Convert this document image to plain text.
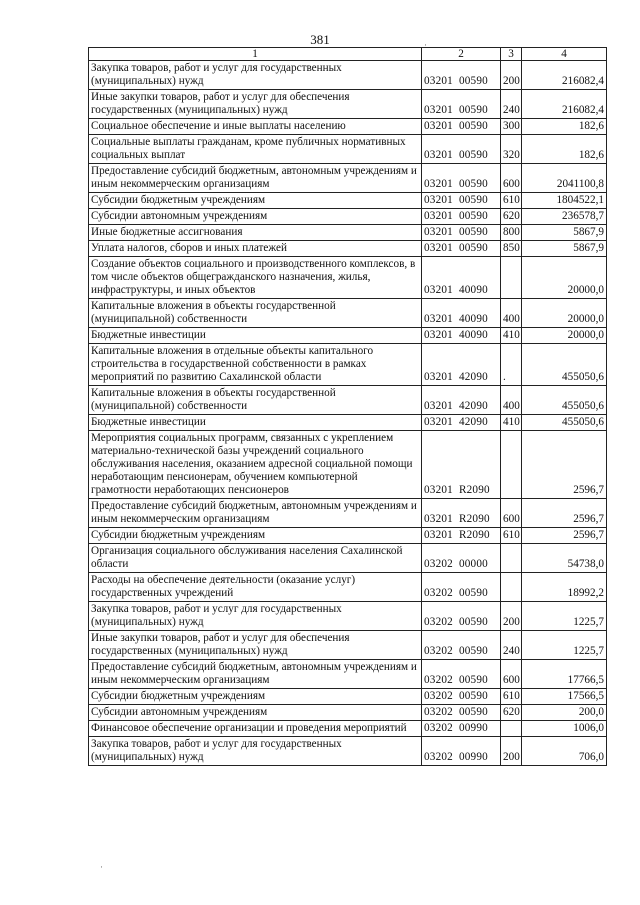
381
1	2	3	4
Закупка товаров, работ и услуг для государственных (муниципальных) нужд	03201  00590	200	216082,4
Иные закупки товаров, работ и услуг для обеспечения государственных (муниципальных) нужд	03201  00590	240	216082,4
Социальное обеспечение и иные выплаты населению	03201  00590	300	182,6
Социальные выплаты гражданам, кроме публичных нормативных социальных выплат	03201  00590	320	182,6
Предоставление субсидий бюджетным, автономным учреждениям и иным некоммерческим организациям	03201  00590	600	2041100,8
Субсидии бюджетным учреждениям	03201  00590	610	1804522,1
Субсидии автономным учреждениям	03201  00590	620	236578,7
Иные бюджетные ассигнования	03201  00590	800	5867,9
Уплата налогов, сборов и иных платежей	03201  00590	850	5867,9
Создание объектов социального и производственного комплексов, в том числе объектов общегражданского назначения, жилья, инфраструктуры, и иных объектов	03201  40090		20000,0
Капитальные вложения в объекты государственной (муниципальной) собственности	03201  40090	400	20000,0
Бюджетные инвестиции	03201  40090	410	20000,0
Капитальные вложения в отдельные объекты капитального строительства в государственной собственности в рамках мероприятий по развитию Сахалинской области	03201  42090	.	455050,6
Капитальные вложения в объекты государственной (муниципальной) собственности	03201  42090	400	455050,6
Бюджетные инвестиции	03201  42090	410	455050,6
Мероприятия социальных программ, связанных с укреплением материально-технической базы учреждений социального обслуживания населения, оказанием адресной социальной помощи неработающим пенсионерам, обучением компьютерной грамотности неработающих пенсионеров	03201  R2090		2596,7
Предоставление субсидий бюджетным, автономным учреждениям и иным некоммерческим организациям	03201  R2090	600	2596,7
Субсидии бюджетным учреждениям	03201  R2090	610	2596,7
Организация социального обслуживания населения Сахалинской области	03202  00000		54738,0
Расходы на обеспечение деятельности (оказание услуг) государственных учреждений	03202  00590		18992,2
Закупка товаров, работ и услуг для государственных (муниципальных) нужд	03202  00590	200	1225,7
Иные закупки товаров, работ и услуг для обеспечения государственных (муниципальных) нужд	03202  00590	240	1225,7
Предоставление субсидий бюджетным, автономным учреждениям и иным некоммерческим организациям	03202  00590	600	17766,5
Субсидии бюджетным учреждениям	03202  00590	610	17566,5
Субсидии автономным учреждениям	03202  00590	620	200,0
Финансовое обеспечение организации и проведения мероприятий	03202  00990		1006,0
Закупка товаров, работ и услуг для государственных (муниципальных) нужд	03202  00990	200	706,0
·
·
